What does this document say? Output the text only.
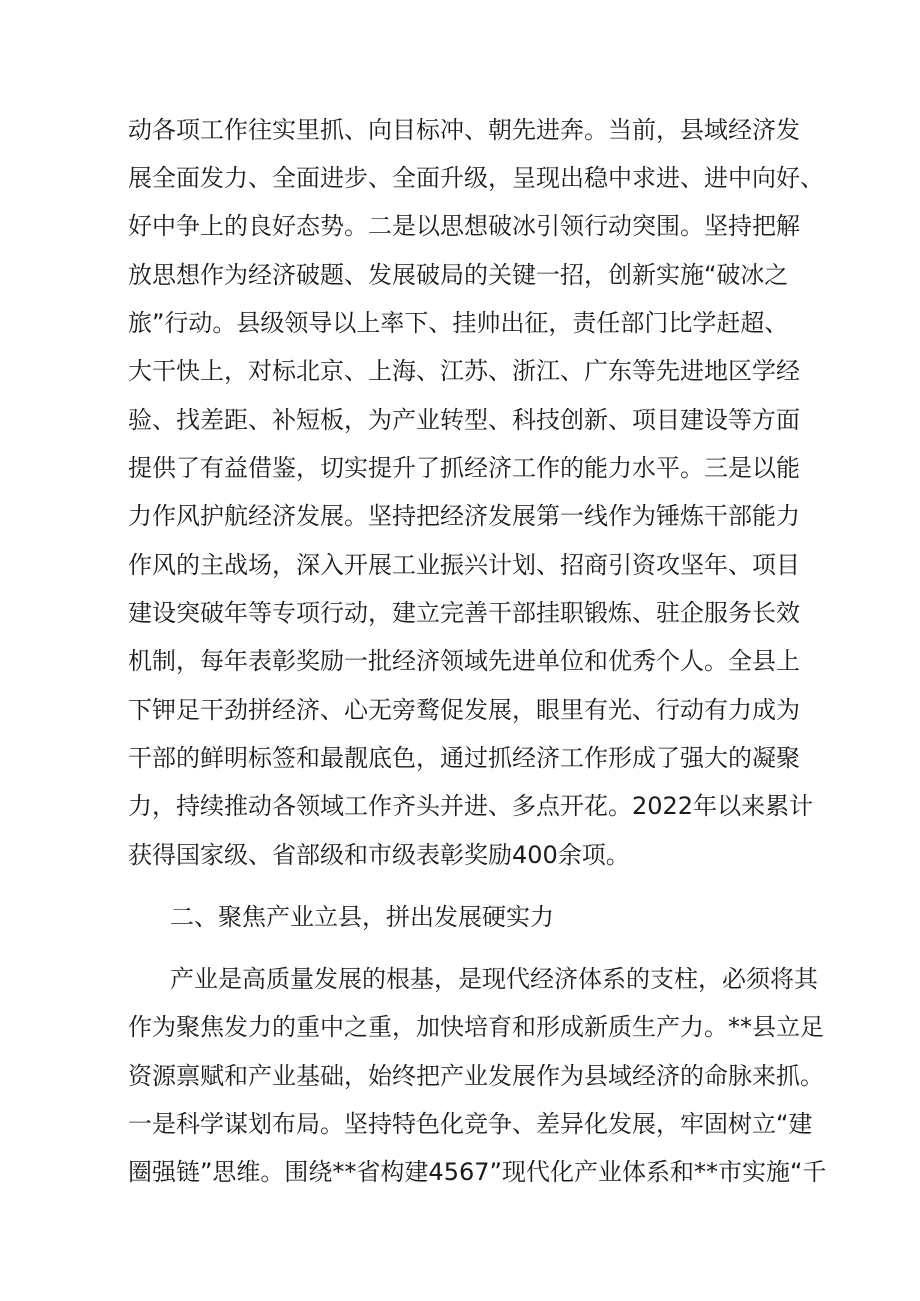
动各项工作往实里抓、向目标冲、朝先进奔。当前，县域经济发
展全面发力、全面进步、全面升级，呈现出稳中求进、进中向好、
好中争上的良好态势。二是以思想破冰引领行动突围。坚持把解
放思想作为经济破题、发展破局的关键一招，创新实施“破冰之
旅”行动。县级领导以上率下、挂帅出征，责任部门比学赶超、
大干快上，对标北京、上海、江苏、浙江、广东等先进地区学经
验、找差距、补短板，为产业转型、科技创新、项目建设等方面
提供了有益借鉴，切实提升了抓经济工作的能力水平。三是以能
力作风护航经济发展。坚持把经济发展第一线作为锤炼干部能力
作风的主战场，深入开展工业振兴计划、招商引资攻坚年、项目
建设突破年等专项行动，建立完善干部挂职锻炼、驻企服务长效
机制，每年表彰奖励一批经济领域先进单位和优秀个人。全县上
下钾足干劲拼经济、心无旁鹜促发展，眼里有光、行动有力成为
干部的鲜明标签和最靓底色，通过抓经济工作形成了强大的凝聚
力，持续推动各领域工作齐头并进、多点开花。2022年以来累计
获得国家级、省部级和市级表彰奖励400余项。
二、聚焦产业立县，拼出发展硬实力
产业是高质量发展的根基，是现代经济体系的支柱，必须将其
作为聚焦发力的重中之重，加快培育和形成新质生产力。**县立足
资源禀赋和产业基础，始终把产业发展作为县域经济的命脉来抓。
一是科学谋划布局。坚持特色化竞争、差异化发展，牢固树立“建
圈强链”思维。围绕**省构建4567”现代化产业体系和**市实施“千
